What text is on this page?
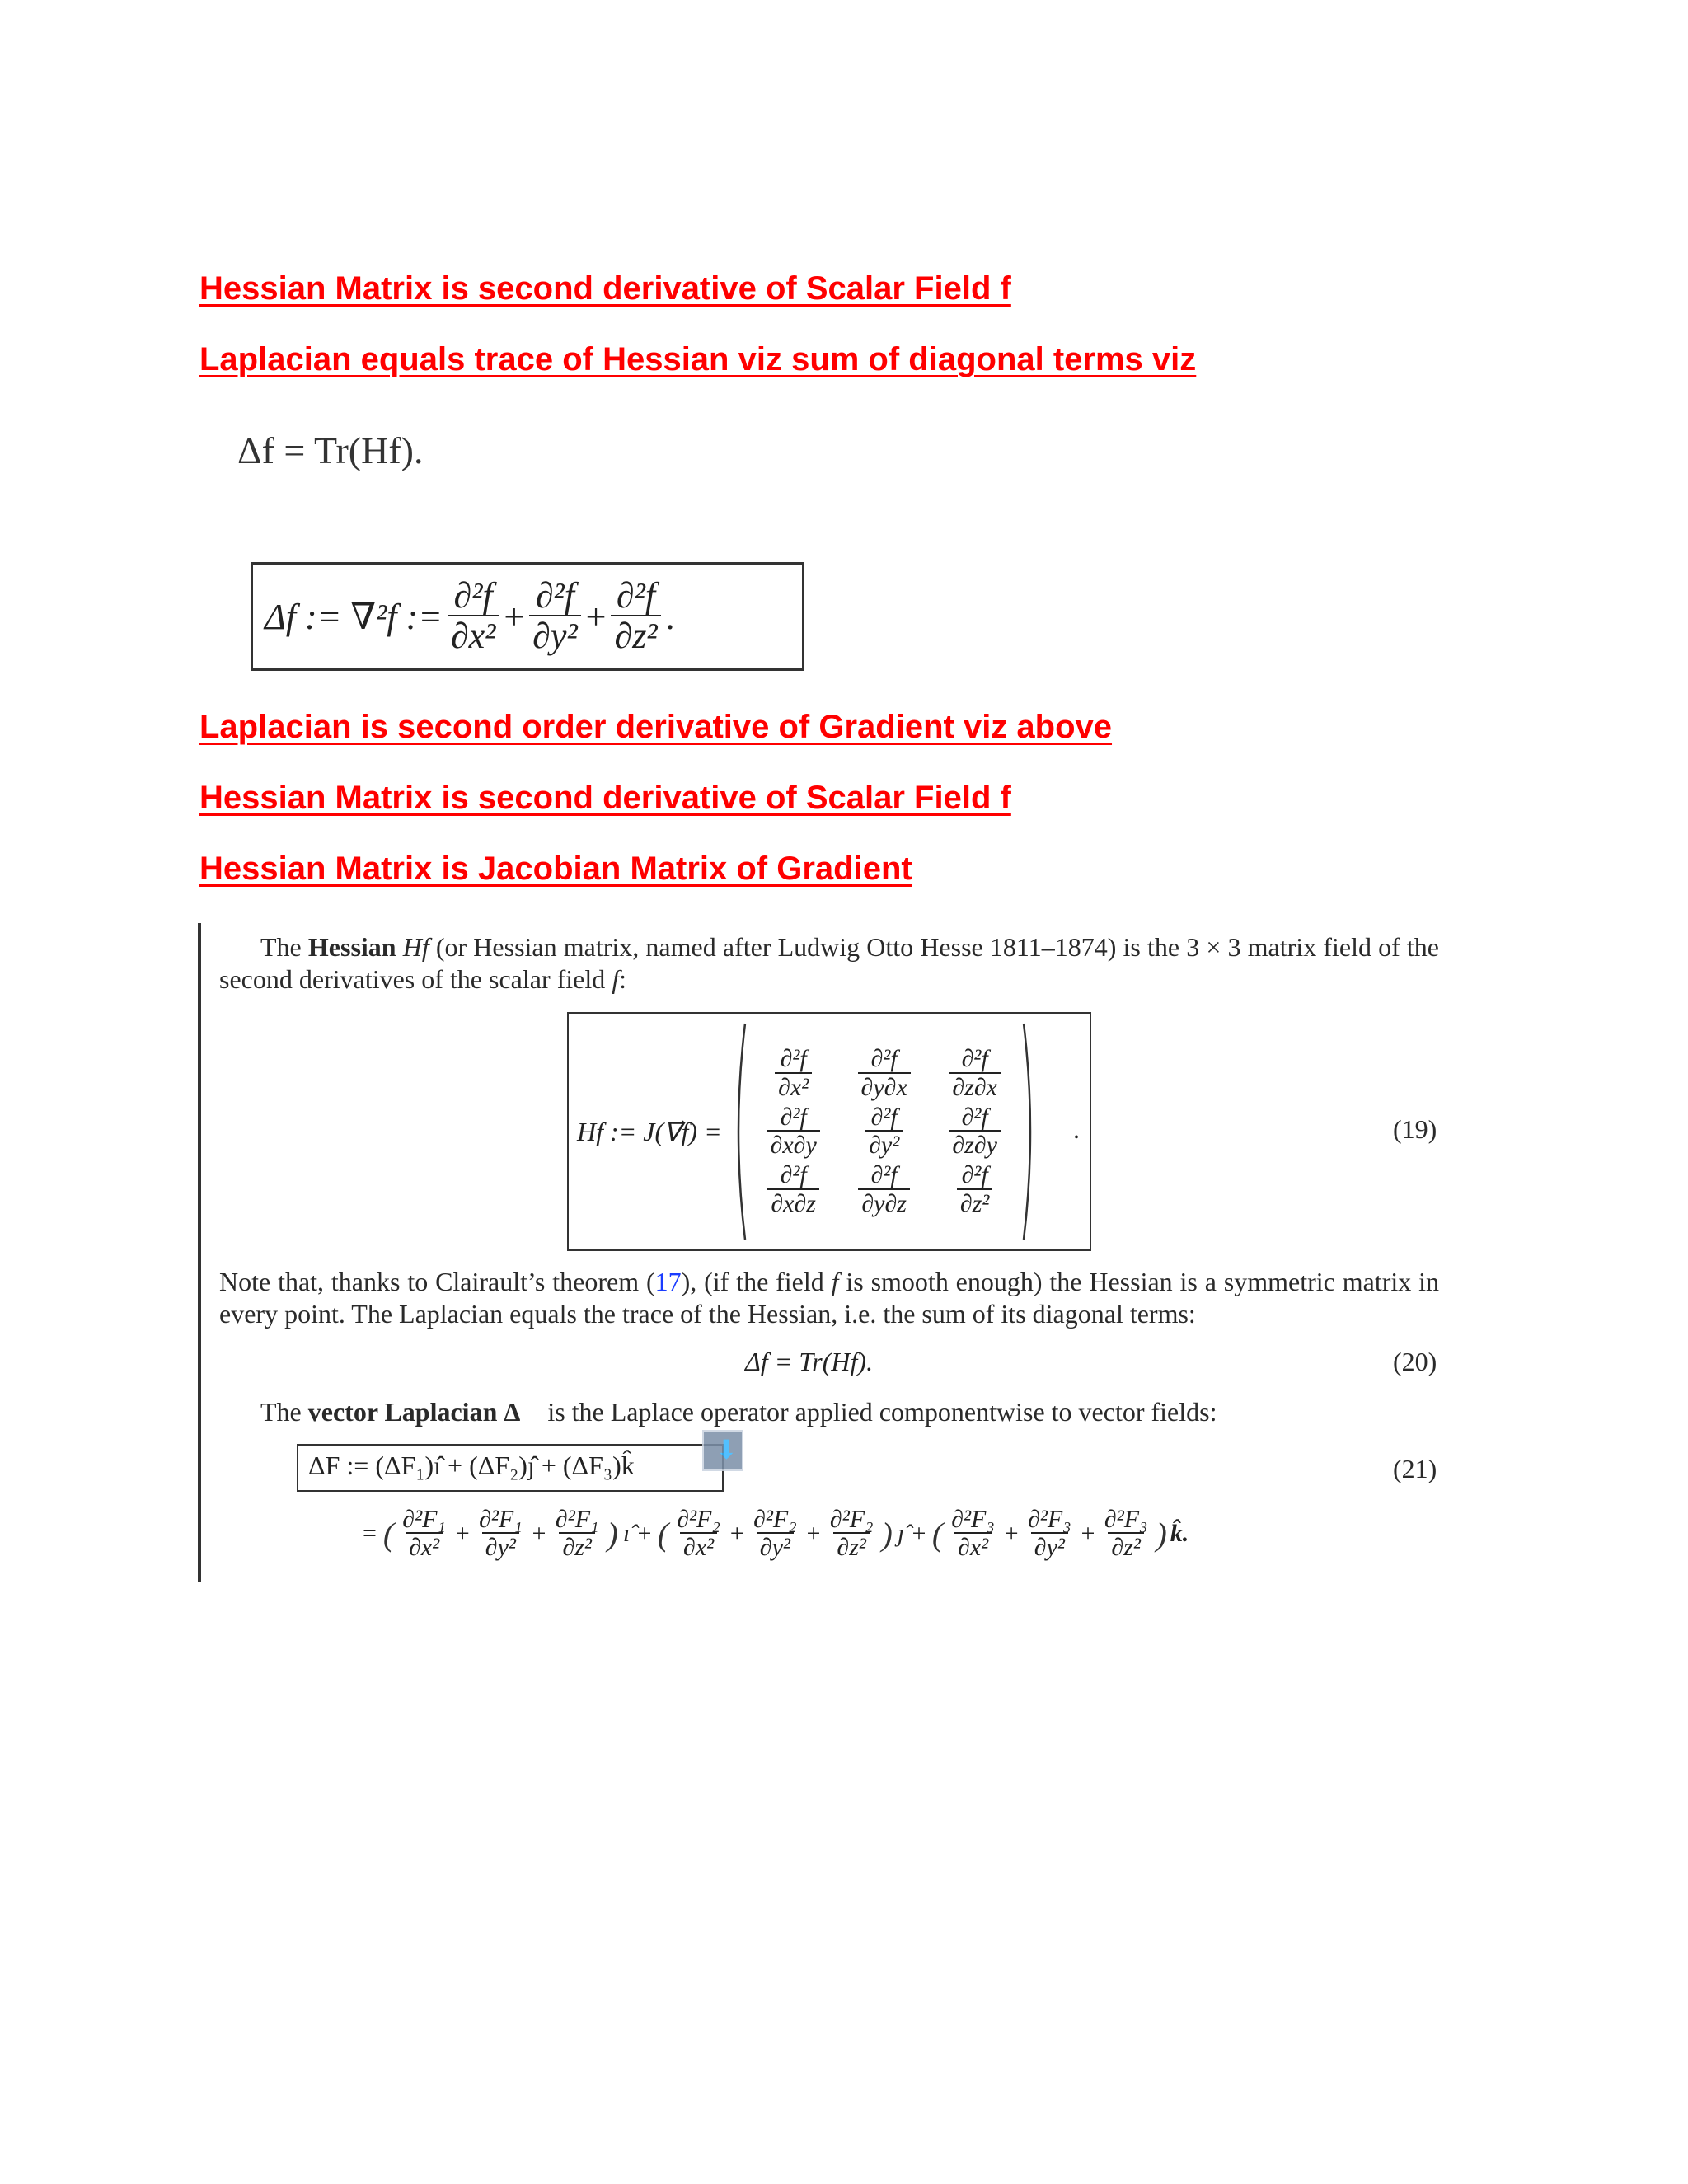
Hessian Matrix is second derivative of Scalar Field f
Laplacian equals trace of Hessian viz sum of diagonal terms viz
Δf = Tr(Hf).
Δf := ∇²f := $\frac{\text{∂²f}}{\text{∂x²}} + \frac{\text{∂²f}}{\text{∂y²}} + \frac{\text{∂²f}}{\text{∂z²}}$ .
Laplacian is second order derivative of Gradient viz above
Hessian Matrix is second derivative of Scalar Field f
Hessian Matrix is Jacobian Matrix of Gradient
The Hessian Hf (or Hessian matrix, named after Ludwig Otto Hesse 1811–1874) is the 3 × 3 matrix field of the second derivatives of the scalar field f:
Hf := J(∇⃗f) =
$\frac{\text{∂²f}}{\text{∂x²}} \frac{\text{∂²f}}{\partial y\partial x} \frac{\text{∂²f}}{\partial z\partial x}$
$\frac{\text{∂²f}}{\partial x\partial y} \frac{\text{∂²f}}{\text{∂y²}} \frac{\text{∂²f}}{\partial z\partial y}$
$\frac{\text{∂²f}}{\partial x\partial z} \frac{\text{∂²f}}{\partial y\partial z} \frac{\text{∂²f}}{\text{∂z²}}$
.	(19)
Note that, thanks to Clairault’s theorem (17), (if the field f is smooth enough) the Hessian is a symmetric matrix in every point. The Laplacian equals the trace of the Hessian, i.e. the sum of its diagonal terms:
Δf = Tr(Hf).	(20)
The vector Laplacian Δ⃗ is the Laplace operator applied componentwise to vector fields:
ΔF := (ΔF₁)ı̂ + (ΔF₂)ȷ̂ + (ΔF₃)k̂	⬇
(21)
= ( $\frac{\text{∂²F₁}}{\text{∂x²}} + \frac{\text{∂²F₁}}{\text{∂y²}} + \frac{\text{∂²F₁}}{\text{∂z²}}$ ) ı̂ + ( $\frac{\text{∂²F₂}}{\text{∂x²}} + \frac{\text{∂²F₂}}{\text{∂y²}} + \frac{\text{∂²F₂}}{\text{∂z²}}$ ) ȷ̂ + ( $\frac{\text{∂²F₃}}{\text{∂x²}} + \frac{\text{∂²F₃}}{\text{∂y²}} + \frac{\text{∂²F₃}}{\text{∂z²}}$ ) k̂.
